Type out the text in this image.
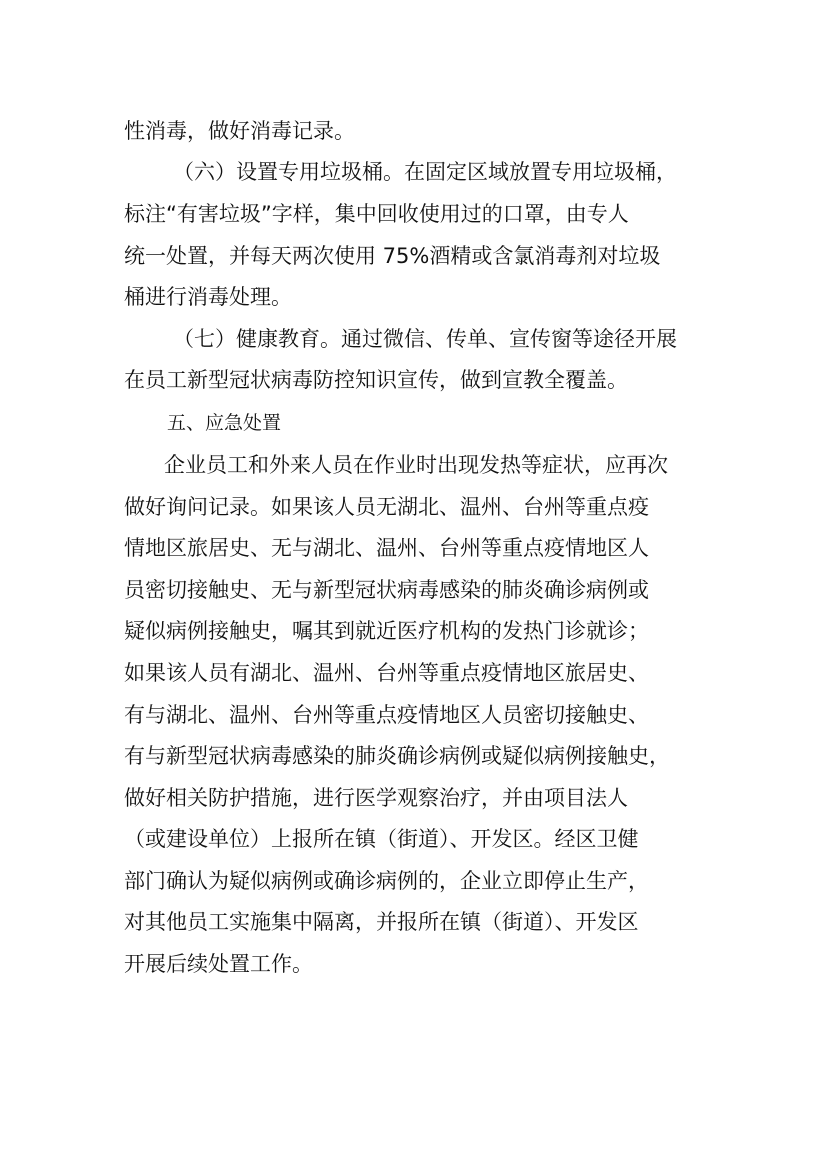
性消毒，做好消毒记录。

（六）设置专用垃圾桶。在固定区域放置专用垃圾桶，

标注“有害垃圾”字样，集中回收使用过的口罩，由专人

统一处置，并每天两次使用 75%酒精或含氯消毒剂对垃圾

桶进行消毒处理。

（七）健康教育。通过微信、传单、宣传窗等途径开展

在员工新型冠状病毒防控知识宣传，做到宣教全覆盖。

五、应急处置

企业员工和外来人员在作业时出现发热等症状，应再次

做好询问记录。如果该人员无湖北、温州、台州等重点疫

情地区旅居史、无与湖北、温州、台州等重点疫情地区人

员密切接触史、无与新型冠状病毒感染的肺炎确诊病例或

疑似病例接触史，嘱其到就近医疗机构的发热门诊就诊；

如果该人员有湖北、温州、台州等重点疫情地区旅居史、

有与湖北、温州、台州等重点疫情地区人员密切接触史、

有与新型冠状病毒感染的肺炎确诊病例或疑似病例接触史，

做好相关防护措施，进行医学观察治疗，并由项目法人

（或建设单位）上报所在镇（街道）、开发区。经区卫健

部门确认为疑似病例或确诊病例的，企业立即停止生产，

对其他员工实施集中隔离，并报所在镇（街道）、开发区

开展后续处置工作。
